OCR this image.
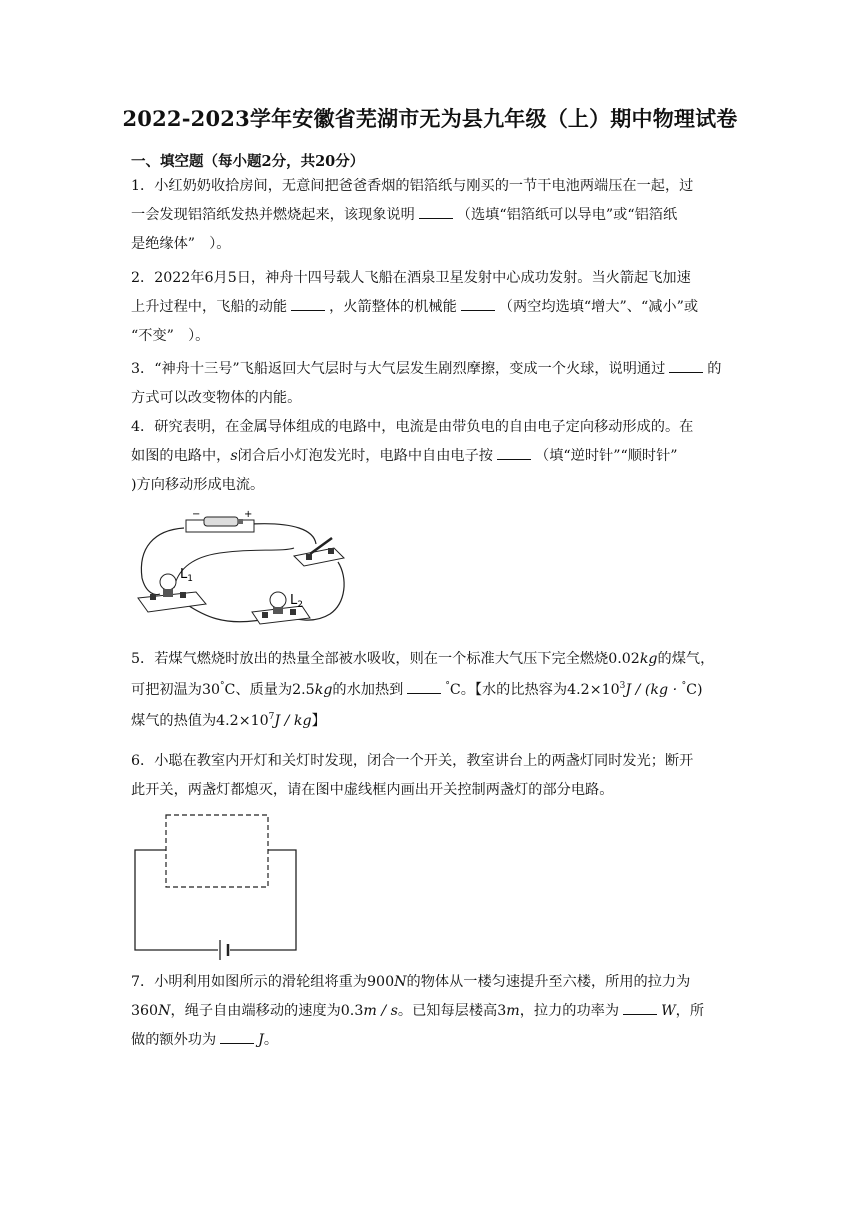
2022-2023学年安徽省芜湖市无为县九年级（上）期中物理试卷
一、填空题（每小题2分，共20分）
1．小红奶奶收拾房间，无意间把爸爸香烟的铝箔纸与刚买的一节干电池两端压在一起，过
一会发现铝箔纸发热并燃烧起来，该现象说明	（选填“铝箔纸可以导电”或“铝箔纸
是绝缘体”　）。
2．2022年6月5日，神舟十四号载人飞船在酒泉卫星发射中心成功发射。当火箭起飞加速
上升过程中，飞船的动能	，火箭整体的机械能	（两空均选填“增大”、“减小”或
“不变”　）。
3．“神舟十三号”飞船返回大气层时与大气层发生剧烈摩擦，变成一个火球，说明通过	的
方式可以改变物体的内能。
4．研究表明，在金属导体组成的电路中，电流是由带负电的自由电子定向移动形成的。在
如图的电路中，s闭合后小灯泡发光时，电路中自由电子按	（填“逆时针”“顺时针”
)方向移动形成电流。
−	+
$L_1$
$L_2$
5．若煤气燃烧时放出的热量全部被水吸收，则在一个标准大气压下完全燃烧0.02kg的煤气，
可把初温为30°C、质量为2.5kg的水加热到	°C。【水的比热容为$4.2\times 10^3J / (kg \cdot ^\circ C)$
煤气的热值为$4.2\times 10^7J$ / kg】
6．小聪在教室内开灯和关灯时发现，闭合一个开关，教室讲台上的两盏灯同时发光；断开
此开关，两盏灯都熄灭，请在图中虚线框内画出开关控制两盏灯的部分电路。
7．小明利用如图所示的滑轮组将重为900N的物体从一楼匀速提升至六楼，所用的拉力为
360N，绳子自由端移动的速度为0.3m / s。已知每层楼高3m，拉力的功率为	W，所
做的额外功为	J。
